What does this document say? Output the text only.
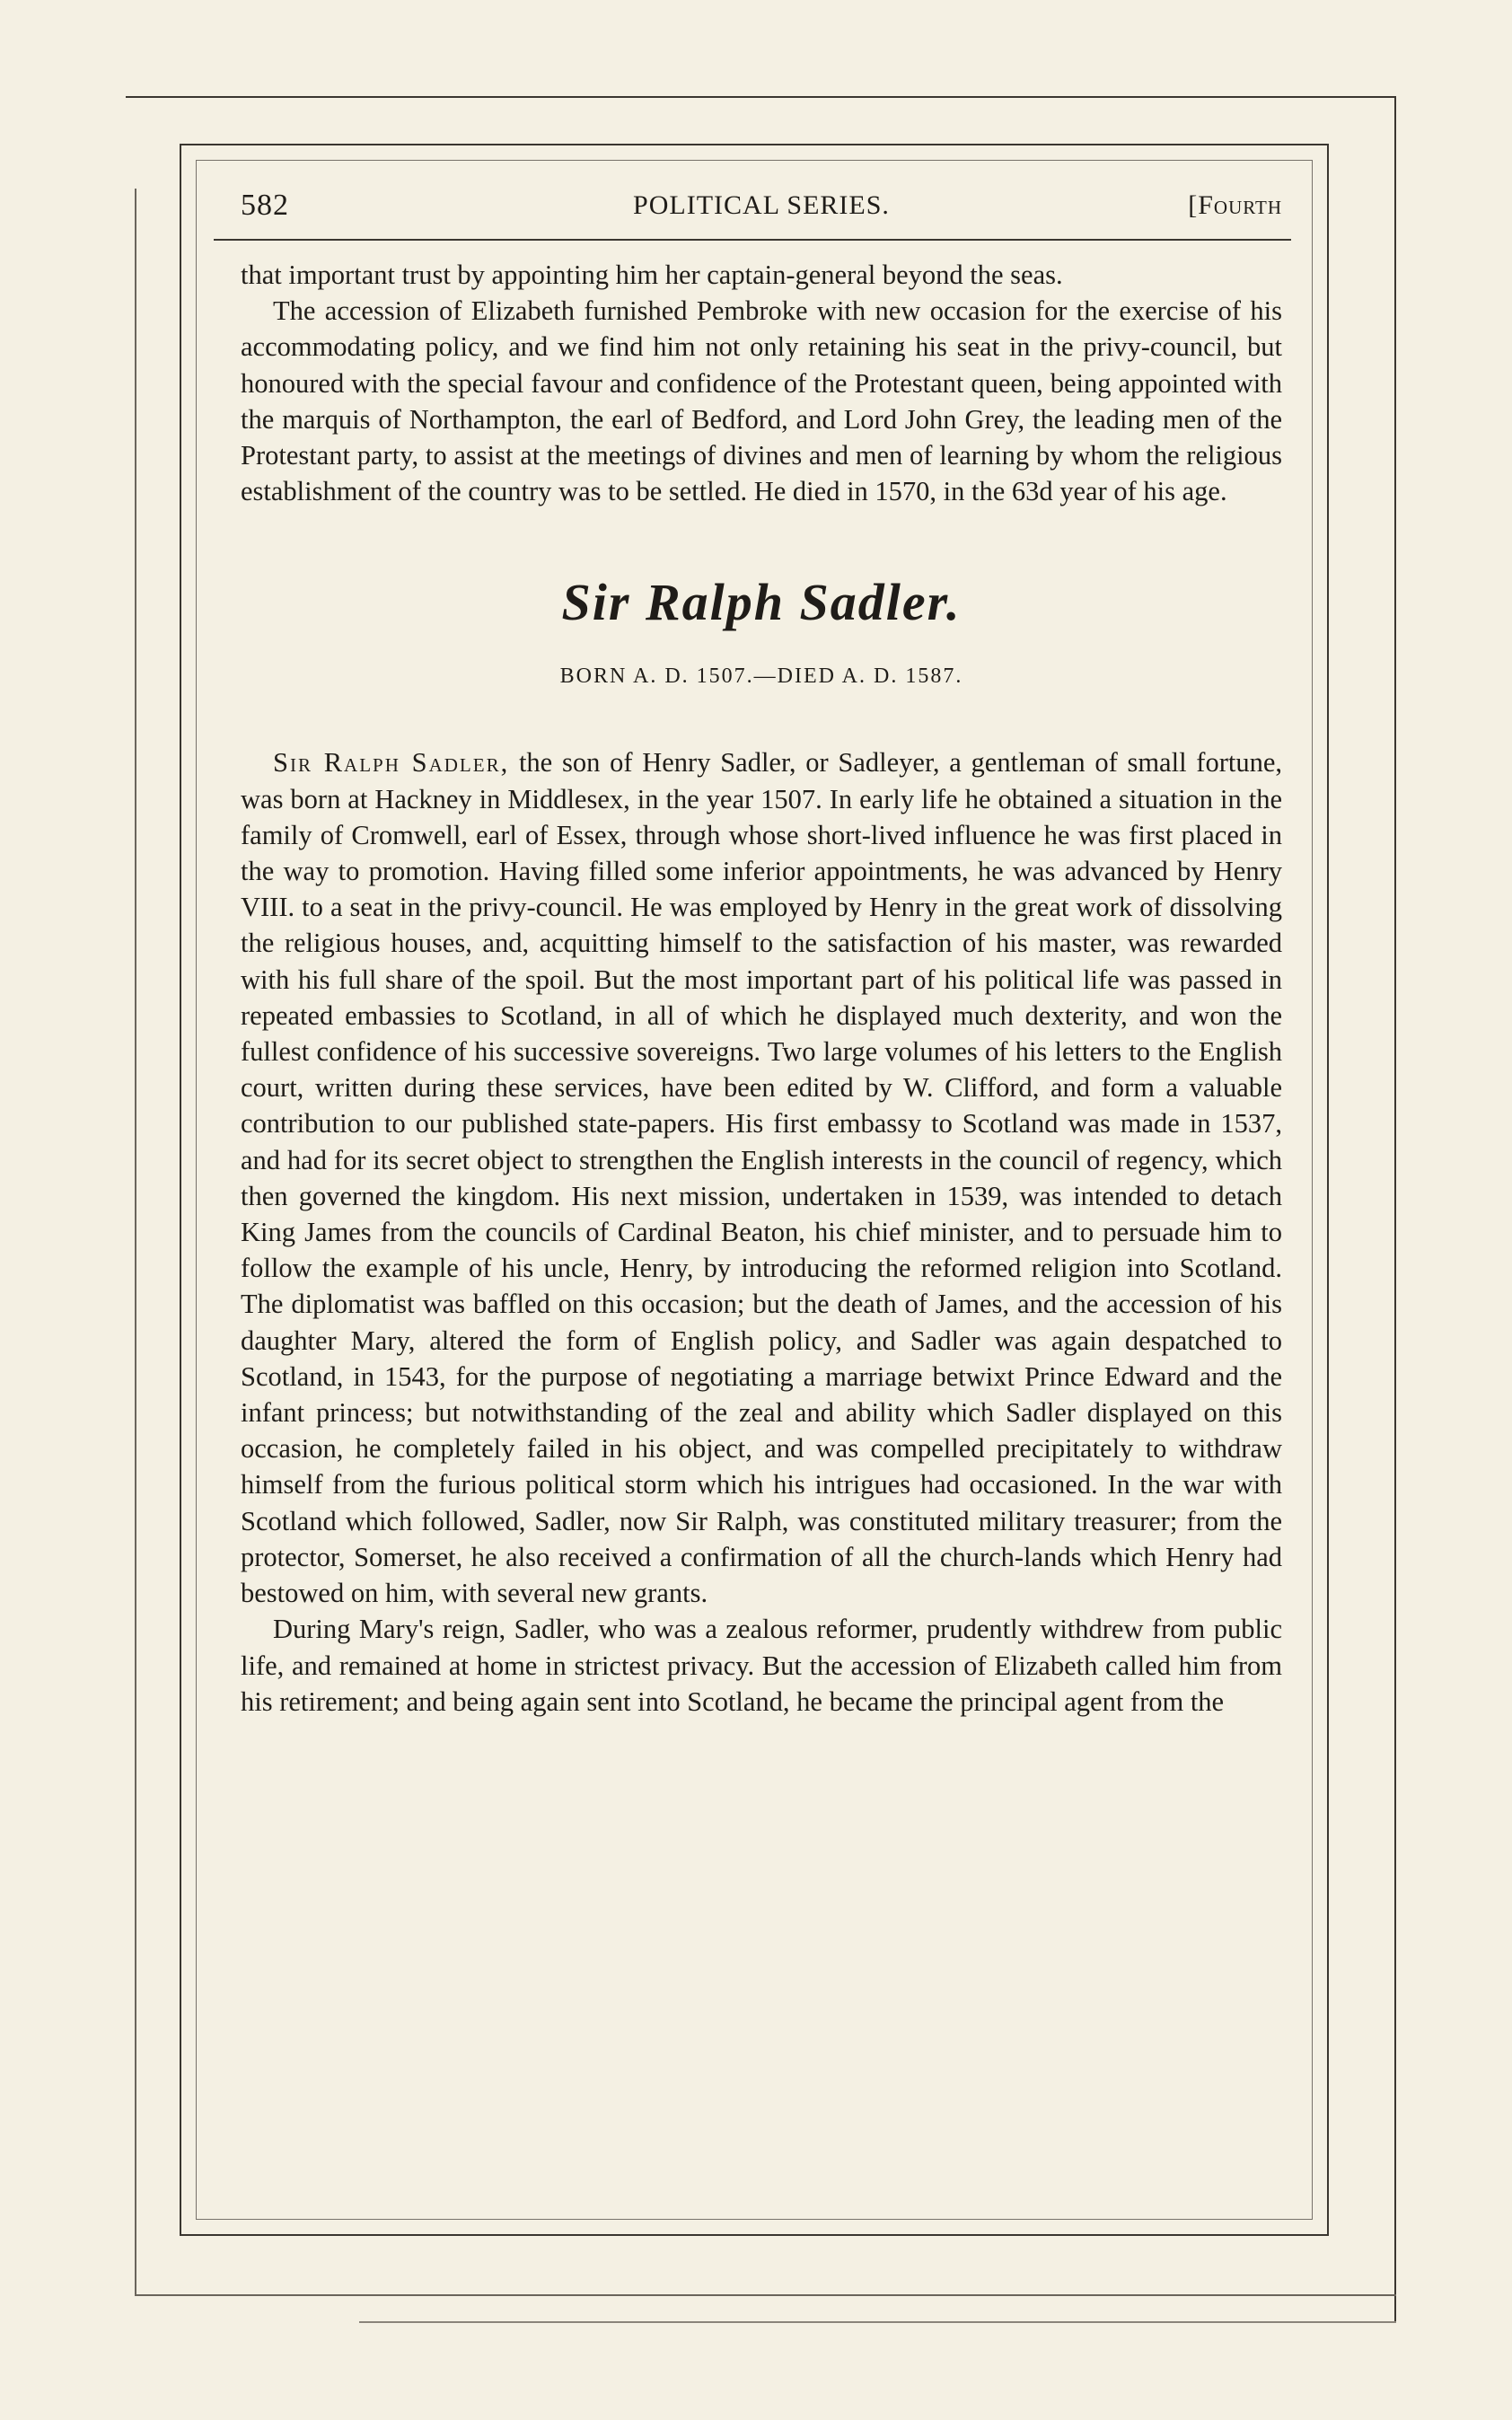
582	POLITICAL SERIES.	[Fourth

that important trust by appointing him her captain-general beyond the seas.

The accession of Elizabeth furnished Pembroke with new occasion for the exercise of his accommodating policy, and we find him not only retaining his seat in the privy-council, but honoured with the special favour and confidence of the Protestant queen, being appointed with the marquis of Northampton, the earl of Bedford, and Lord John Grey, the leading men of the Protestant party, to assist at the meetings of divines and men of learning by whom the religious establishment of the country was to be settled. He died in 1570, in the 63d year of his age.

Sir Ralph Sadler.
BORN A. D. 1507.—DIED A. D. 1587.

Sir Ralph Sadler, the son of Henry Sadler, or Sadleyer, a gentleman of small fortune, was born at Hackney in Middlesex, in the year 1507. In early life he obtained a situation in the family of Cromwell, earl of Essex, through whose short-lived influence he was first placed in the way to promotion. Having filled some inferior appointments, he was advanced by Henry VIII. to a seat in the privy-council. He was employed by Henry in the great work of dissolving the religious houses, and, acquitting himself to the satisfaction of his master, was rewarded with his full share of the spoil. But the most important part of his political life was passed in repeated embassies to Scotland, in all of which he displayed much dexterity, and won the fullest confidence of his successive sovereigns. Two large volumes of his letters to the English court, written during these services, have been edited by W. Clifford, and form a valuable contribution to our published state-papers. His first embassy to Scotland was made in 1537, and had for its secret object to strengthen the English interests in the council of regency, which then governed the kingdom. His next mission, undertaken in 1539, was intended to detach King James from the councils of Cardinal Beaton, his chief minister, and to persuade him to follow the example of his uncle, Henry, by introducing the reformed religion into Scotland. The diplomatist was baffled on this occasion; but the death of James, and the accession of his daughter Mary, altered the form of English policy, and Sadler was again despatched to Scotland, in 1543, for the purpose of negotiating a marriage betwixt Prince Edward and the infant princess; but notwithstanding of the zeal and ability which Sadler displayed on this occasion, he completely failed in his object, and was compelled precipitately to withdraw himself from the furious political storm which his intrigues had occasioned. In the war with Scotland which followed, Sadler, now Sir Ralph, was constituted military treasurer; from the protector, Somerset, he also received a confirmation of all the church-lands which Henry had bestowed on him, with several new grants.

During Mary's reign, Sadler, who was a zealous reformer, prudently withdrew from public life, and remained at home in strictest privacy. But the accession of Elizabeth called him from his retirement; and being again sent into Scotland, he became the principal agent from the
